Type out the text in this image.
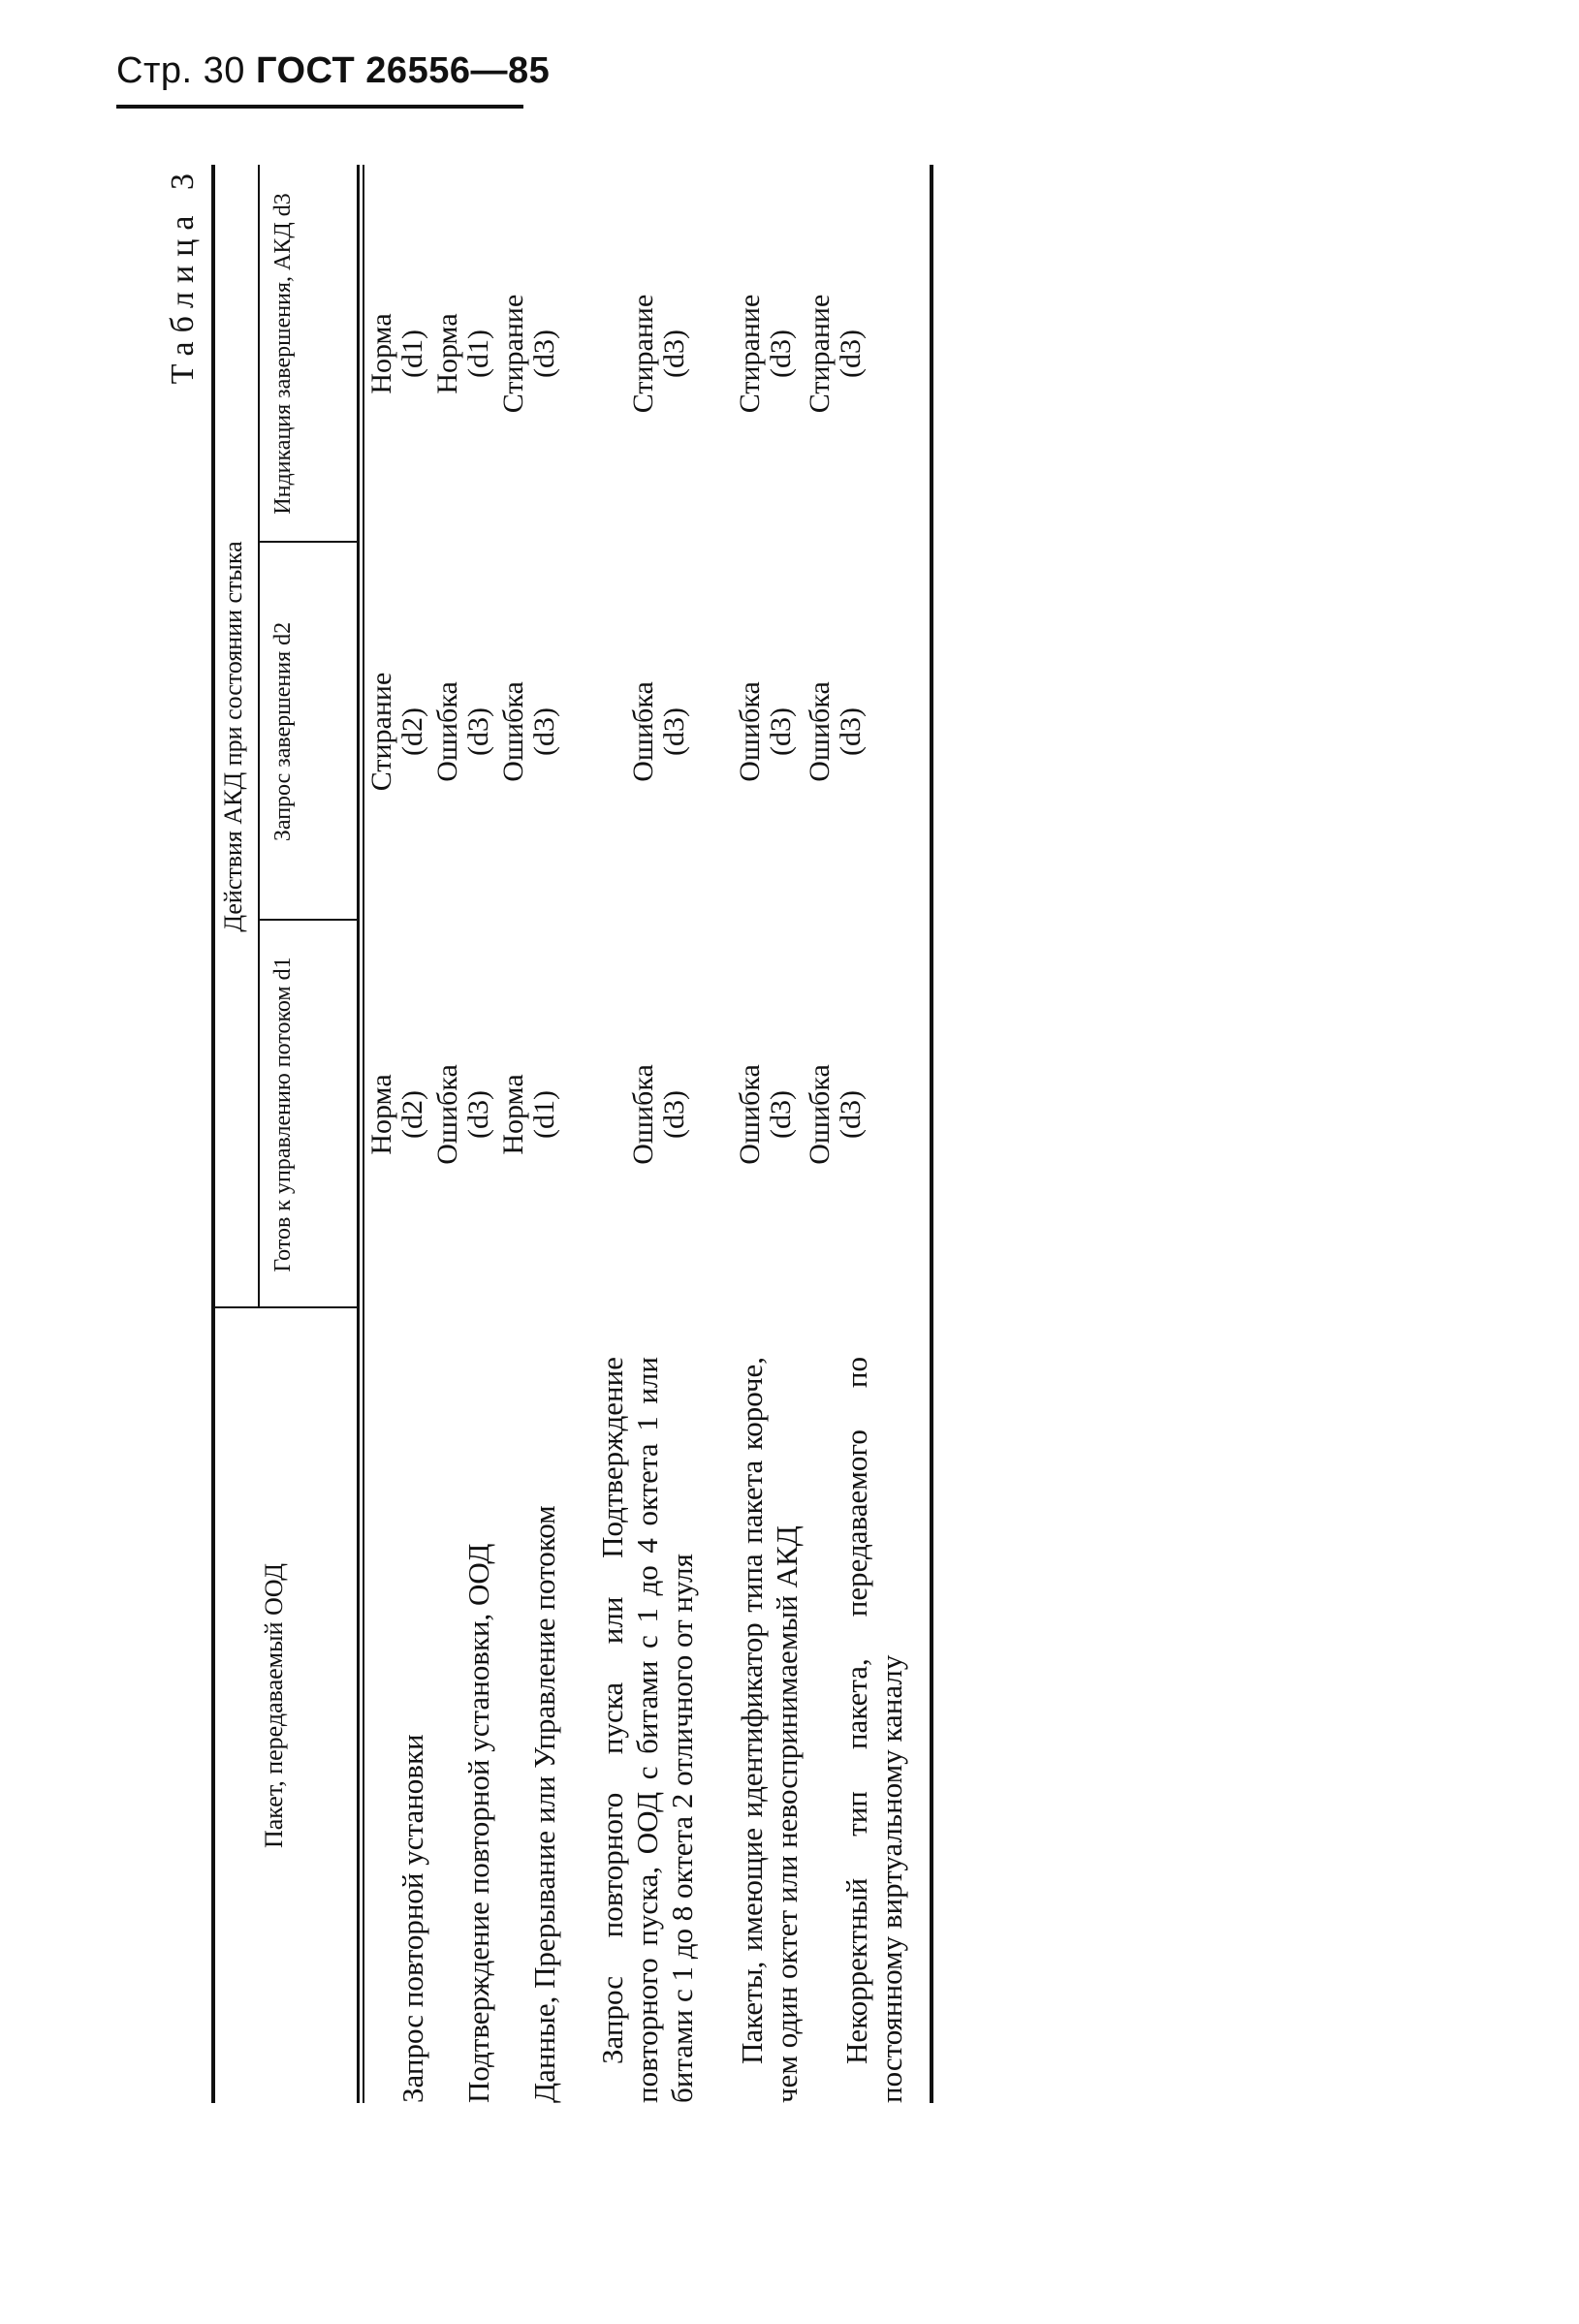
Стр. 30 ГОСТ 26556—85
Таблица 3
Пакет, передаваемый ООД
Действия АКД при состоянии стыка
Готов к управлению потоком d1
Запрос завершения d2
Индикация завершения, АКД d3
Запрос повторной установки
Норма (d2)
Стирание (d2)
Норма (d1)
Подтверждение повторной установки, ООД
Ошибка (d3)
Ошибка (d3)
Норма (d1)
Данные, Прерывание или Управление потоком
Норма (d1)
Ошибка (d3)
Стирание (d3)
Запрос повторного пуска или Подтверждение повторного пуска, ООД с битами с 1 до 4 октета 1 или битами с 1 до 8 октета 2 отличного от нуля
Ошибка (d3)
Ошибка (d3)
Стирание (d3)
Пакеты, имеющие идентификатор типа пакета короче, чем один октет или невоспринимаемый АКД
Ошибка (d3)
Ошибка (d3)
Стирание (d3)
Некорректный тип пакета, передаваемого по постоянному виртуальному каналу
Ошибка (d3)
Ошибка (d3)
Стирание (d3)
